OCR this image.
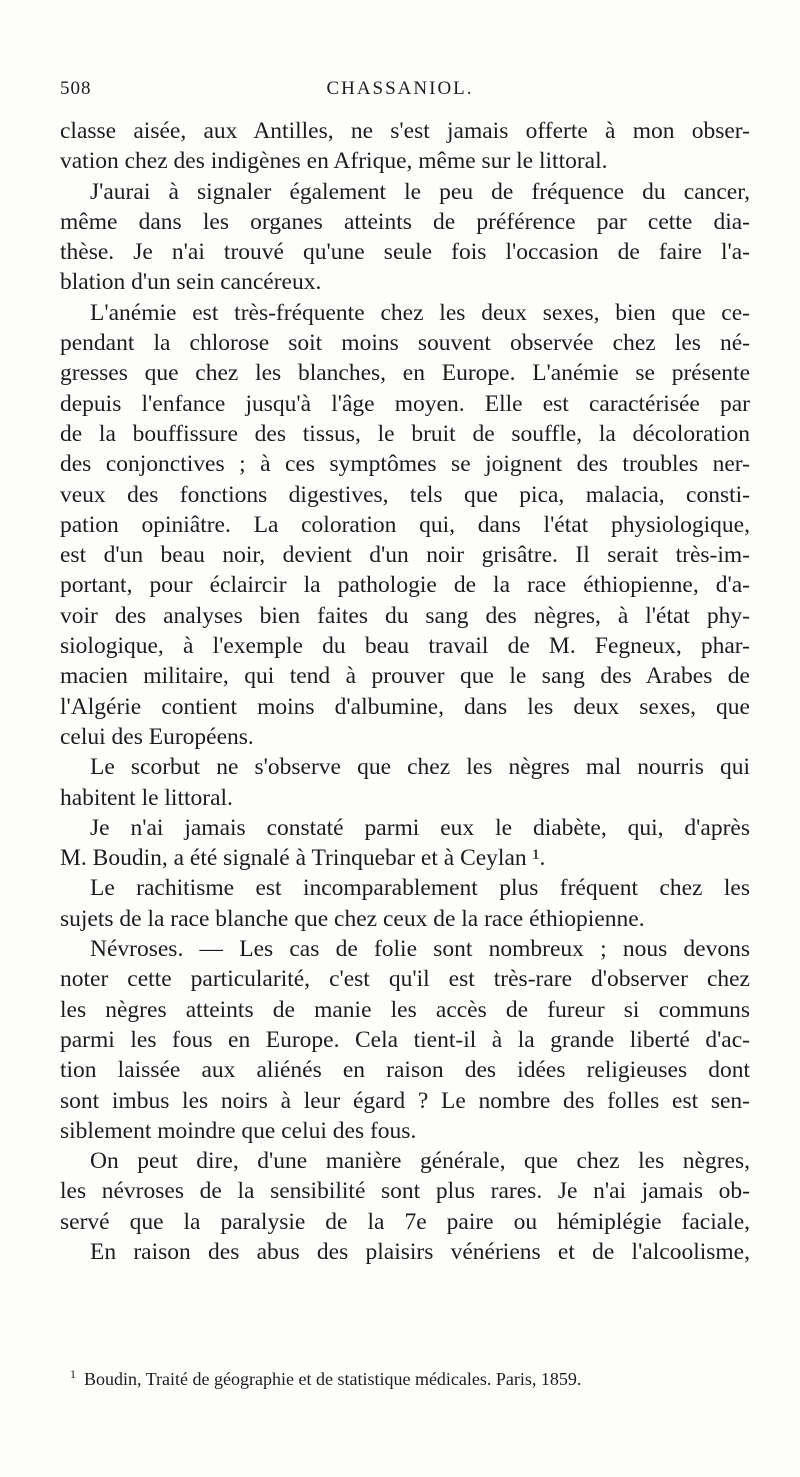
508	CHASSANIOL.
classe aisée, aux Antilles, ne s'est jamais offerte à mon obser-
vation chez des indigènes en Afrique, même sur le littoral.
J'aurai à signaler également le peu de fréquence du cancer,
même dans les organes atteints de préférence par cette dia-
thèse. Je n'ai trouvé qu'une seule fois l'occasion de faire l'a-
blation d'un sein cancéreux.
L'anémie est très-fréquente chez les deux sexes, bien que ce-
pendant la chlorose soit moins souvent observée chez les né-
gresses que chez les blanches, en Europe. L'anémie se présente
depuis l'enfance jusqu'à l'âge moyen. Elle est caractérisée par
de la bouffissure des tissus, le bruit de souffle, la décoloration
des conjonctives ; à ces symptômes se joignent des troubles ner-
veux des fonctions digestives, tels que pica, malacia, consti-
pation opiniâtre. La coloration qui, dans l'état physiologique,
est d'un beau noir, devient d'un noir grisâtre. Il serait très-im-
portant, pour éclaircir la pathologie de la race éthiopienne, d'a-
voir des analyses bien faites du sang des nègres, à l'état phy-
siologique, à l'exemple du beau travail de M. Fegneux, phar-
macien militaire, qui tend à prouver que le sang des Arabes de
l'Algérie contient moins d'albumine, dans les deux sexes, que
celui des Européens.
Le scorbut ne s'observe que chez les nègres mal nourris qui
habitent le littoral.
Je n'ai jamais constaté parmi eux le diabète, qui, d'après
M. Boudin, a été signalé à Trinquebar et à Ceylan ¹.
Le rachitisme est incomparablement plus fréquent chez les
sujets de la race blanche que chez ceux de la race éthiopienne.
Névroses. — Les cas de folie sont nombreux ; nous devons
noter cette particularité, c'est qu'il est très-rare d'observer chez
les nègres atteints de manie les accès de fureur si communs
parmi les fous en Europe. Cela tient-il à la grande liberté d'ac-
tion laissée aux aliénés en raison des idées religieuses dont
sont imbus les noirs à leur égard ? Le nombre des folles est sen-
siblement moindre que celui des fous.
On peut dire, d'une manière générale, que chez les nègres,
les névroses de la sensibilité sont plus rares. Je n'ai jamais ob-
servé que la paralysie de la 7e paire ou hémiplégie faciale,
En raison des abus des plaisirs vénériens et de l'alcoolisme,
$^1$ Boudin, Traité de géographie et de statistique médicales. Paris, 1859.
